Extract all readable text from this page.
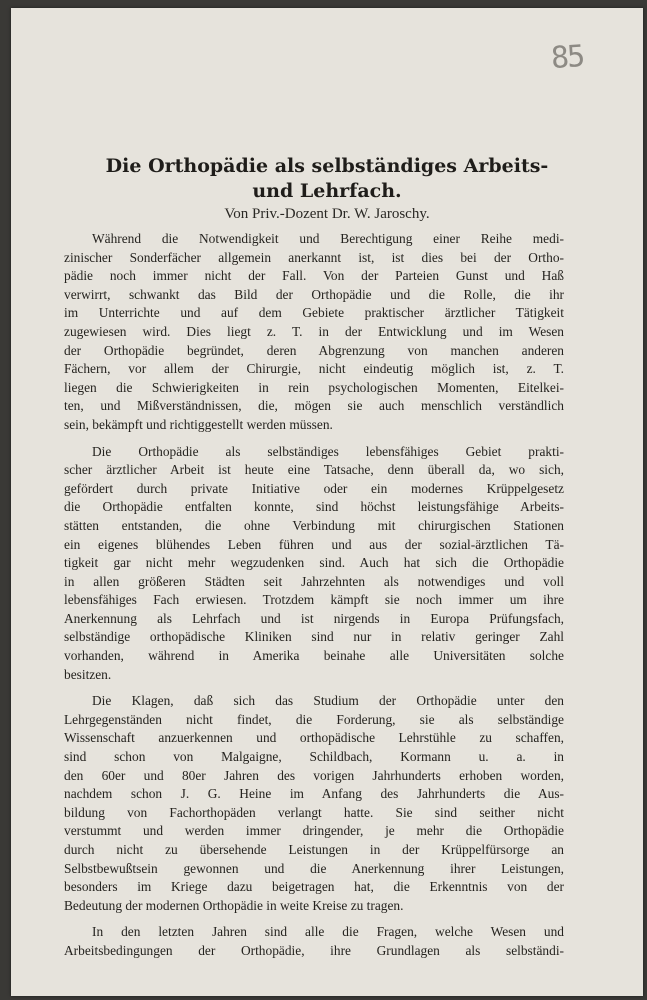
85
Die Orthopädie als selbständiges Arbeits-
und Lehrfach.
Von Priv.-Dozent Dr. W. Jaroschy.
Während die Notwendigkeit und Berechtigung einer Reihe medi-
zinischer Sonderfächer allgemein anerkannt ist, ist dies bei der Ortho-
pädie noch immer nicht der Fall. Von der Parteien Gunst und Haß
verwirrt, schwankt das Bild der Orthopädie und die Rolle, die ihr
im Unterrichte und auf dem Gebiete praktischer ärztlicher Tätigkeit
zugewiesen wird. Dies liegt z. T. in der Entwicklung und im Wesen
der Orthopädie begründet, deren Abgrenzung von manchen anderen
Fächern, vor allem der Chirurgie, nicht eindeutig möglich ist, z. T.
liegen die Schwierigkeiten in rein psychologischen Momenten, Eitelkei-
ten, und Mißverständnissen, die, mögen sie auch menschlich verständlich
sein, bekämpft und richtiggestellt werden müssen.
Die Orthopädie als selbständiges lebensfähiges Gebiet prakti-
scher ärztlicher Arbeit ist heute eine Tatsache, denn überall da, wo sich,
gefördert durch private Initiative oder ein modernes Krüppelgesetz
die Orthopädie entfalten konnte, sind höchst leistungsfähige Arbeits-
stätten entstanden, die ohne Verbindung mit chirurgischen Stationen
ein eigenes blühendes Leben führen und aus der sozial-ärztlichen Tä-
tigkeit gar nicht mehr wegzudenken sind. Auch hat sich die Orthopädie
in allen größeren Städten seit Jahrzehnten als notwendiges und voll
lebensfähiges Fach erwiesen. Trotzdem kämpft sie noch immer um ihre
Anerkennung als Lehrfach und ist nirgends in Europa Prüfungsfach,
selbständige orthopädische Kliniken sind nur in relativ geringer Zahl
vorhanden, während in Amerika beinahe alle Universitäten solche
besitzen.
Die Klagen, daß sich das Studium der Orthopädie unter den
Lehrgegenständen nicht findet, die Forderung, sie als selbständige
Wissenschaft anzuerkennen und orthopädische Lehrstühle zu schaffen,
sind schon von Malgaigne, Schildbach, Kormann u. a. in
den 60er und 80er Jahren des vorigen Jahrhunderts erhoben worden,
nachdem schon J. G. Heine im Anfang des Jahrhunderts die Aus-
bildung von Fachorthopäden verlangt hatte. Sie sind seither nicht
verstummt und werden immer dringender, je mehr die Orthopädie
durch nicht zu übersehende Leistungen in der Krüppelfürsorge an
Selbstbewußtsein gewonnen und die Anerkennung ihrer Leistungen,
besonders im Kriege dazu beigetragen hat, die Erkenntnis von der
Bedeutung der modernen Orthopädie in weite Kreise zu tragen.
In den letzten Jahren sind alle die Fragen, welche Wesen und
Arbeitsbedingungen der Orthopädie, ihre Grundlagen als selbständi-
